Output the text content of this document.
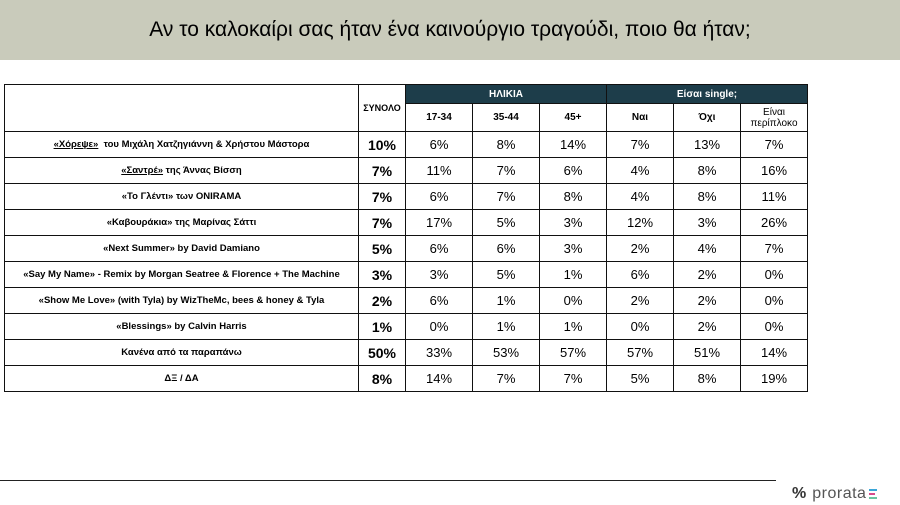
Αν το καλοκαίρι σας ήταν ένα καινούργιο τραγούδι, ποιο θα ήταν;
	ΣΥΝΟΛΟ	ΗΛΙΚΙΑ			Είσαι single;		
		17-34	35-44	45+	Ναι	Όχι	Είναι περίπλοκο
«Χόρεψε»  του Μιχάλη Χατζηγιάννη & Χρήστου Μάστορα	10%	6%	8%	14%	7%	13%	7%
«Σαντρέ» της Άννας Βίσση	7%	11%	7%	6%	4%	8%	16%
«Το Γλέντι» των ONIRAMA	7%	6%	7%	8%	4%	8%	11%
«Καβουράκια» της Μαρίνας Σάττι	7%	17%	5%	3%	12%	3%	26%
«Next Summer» by David Damiano	5%	6%	6%	3%	2%	4%	7%
«Say My Name» - Remix by Morgan Seatree & Florence + The Machine	3%	3%	5%	1%	6%	2%	0%
«Show Me Love» (with Tyla) by WizTheMc, bees & honey & Tyla	2%	6%	1%	0%	2%	2%	0%
«Blessings» by Calvin Harris	1%	0%	1%	1%	0%	2%	0%
Κανένα από τα παραπάνω	50%	33%	53%	57%	57%	51%	14%
ΔΞ / ΔΑ	8%	14%	7%	7%	5%	8%	19%
% prorata
